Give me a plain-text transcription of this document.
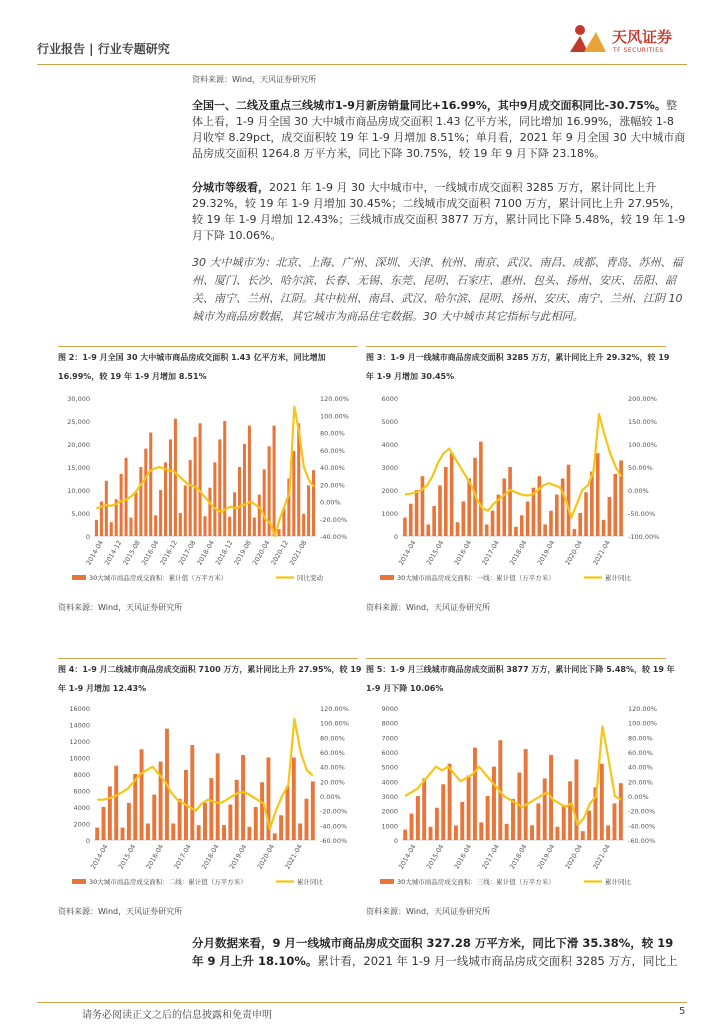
行业报告 | 行业专题研究
天风证券
TF SECURITIES
资料来源：Wind，天风证券研究所
全国一、二线及重点三线城市1-9月新房销量同比+16.99%，其中9月成交面积同比-30.75%。整体上看，1-9 月全国 30 大中城市商品房成交面积 1.43 亿平方米，同比增加 16.99%，涨幅较 1-8 月收窄 8.29pct，成交面积较 19 年 1-9 月增加 8.51%；单月看，2021 年 9 月全国 30 大中城市商品房成交面积 1264.8 万平方米，同比下降 30.75%，较 19 年 9 月下降 23.18%。
分城市等级看，2021 年 1-9 月 30 大中城市中，一线城市成交面积 3285 万方，累计同比上升 29.32%，较 19 年 1-9 月增加 30.45%；二线城市成交面积 7100 万方，累计同比上升 27.95%，较 19 年 1-9 月增加 12.43%；三线城市成交面积 3877 万方，累计同比下降 5.48%，较 19 年 1-9 月下降 10.06%。
30 大中城市为：北京、上海、广州、深圳、天津、杭州、南京、武汉、南昌、成都、青岛、苏州、福州、厦门、长沙、哈尔滨、长春、无锡、东莞、昆明、石家庄、惠州、包头、扬州、安庆、岳阳、韶关、南宁、兰州、江阴。其中杭州、南昌、武汉、哈尔滨、昆明、扬州、安庆、南宁、兰州、江阴 10 城市为商品房数据，其它城市为商品住宅数据。30 大中城市其它指标与此相同。
图 2：1-9 月全国 30 大中城市商品房成交面积 1.43 亿平方米，同比增加 16.99%，较 19 年 1-9 月增加 8.51%
30,000
25,000
20,000
15,000
10,000
5,000
0
120.00%
100.00%
80.00%
60.00%
40.00%
20.00%
0.00%
-20.00%
-40.00%
2014-04
2014-12
2015-08
2016-04
2016-12
2017-08
2018-04
2018-12
2019-08
2020-04
2020-12
2021-08
30大城市商品房成交面积：累计值（万平方米）	同比变动
资料来源：Wind，天风证券研究所
图 3：1-9 月一线城市商品房成交面积 3285 万方，累计同比上升 29.32%，较 19 年 1-9 月增加 30.45%
6000
5000
4000
3000
2000
1000
0
200.00%
150.00%
100.00%
50.00%
0.00%
-50.00%
-100.00%
2014-04 2015-04 2016-04 2017-04 2018-04 2019-04 2020-04 2021-04
30大城市商品房成交面积：一线：累计值（万平方米）	累计同比
资料来源：Wind，天风证券研究所
图 4：1-9 月二线城市商品房成交面积 7100 万方，累计同比上升 27.95%，较 19 年 1-9 月增加 12.43%
16000
14000
12000
10000
8000
6000
4000
2000
0
120.00%
100.00%
80.00%
60.00%
40.00%
20.00%
0.00%
-20.00%
-40.00%
-60.00%
2014-04 2015-04 2016-04 2017-04 2018-04 2019-04 2020-04 2021-04
30大城市商品房成交面积：二线：累计值（万平方米）	累计同比
资料来源：Wind，天风证券研究所
图 5：1-9 月三线城市商品房成交面积 3877 万方，累计同比下降 5.48%，较 19 年 1-9 月下降 10.06%
9000
8000
7000
6000
5000
4000
3000
2000
1000
0
120.00%
100.00%
80.00%
60.00%
40.00%
20.00%
0.00%
-20.00%
-40.00%
-60.00%
2014-04 2015-04 2016-04 2017-04 2018-04 2019-04 2020-04 2021-04
30大城市商品房成交面积：三线：累计值（万平方米）	累计同比
资料来源：Wind，天风证券研究所
分月数据来看，9 月一线城市商品房成交面积 327.28 万平方米，同比下滑 35.38%，较 19 年 9 月上升 18.10%。累计看，2021 年 1-9 月一线城市商品房成交面积 3285 万方，同比上
请务必阅读正文之后的信息披露和免责申明	5
